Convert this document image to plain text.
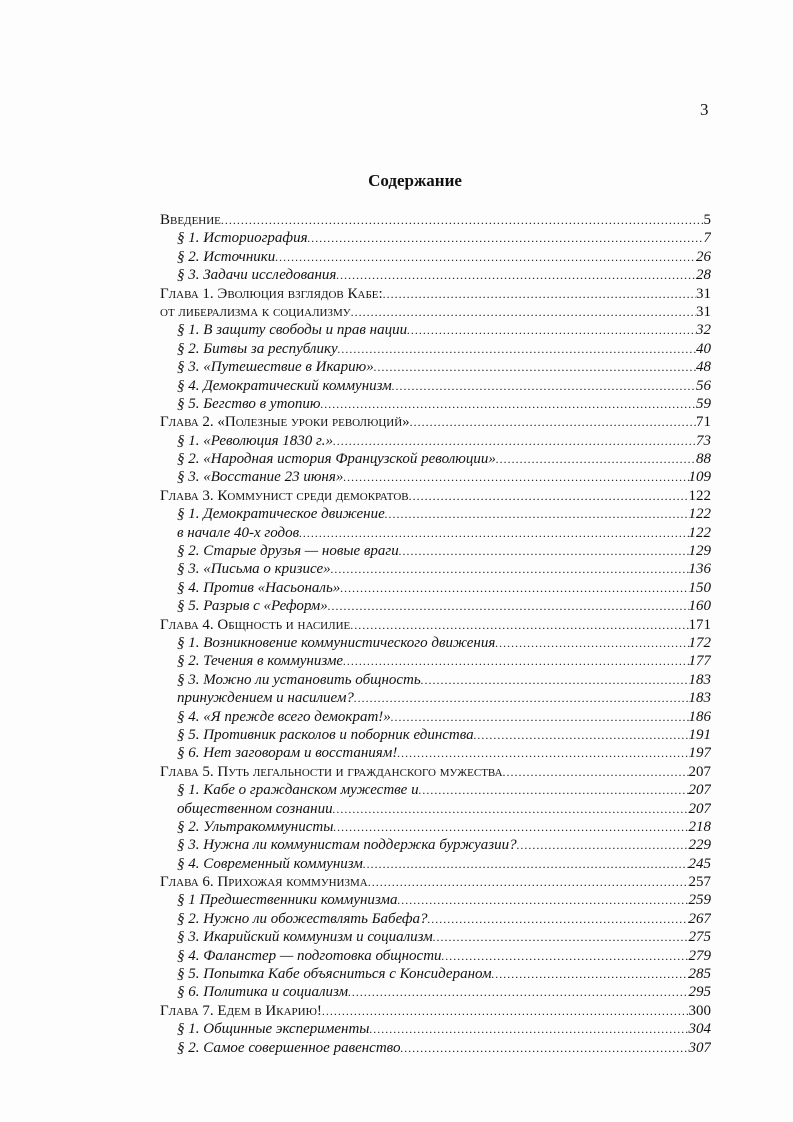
3
Содержание
Введение .....	5
§ 1. Историография .....	7
§ 2. Источники .....	26
§ 3. Задачи исследования .....	28
Глава 1. Эволюция взглядов Кабе: .....	31
от либерализма к социализму .....	31
§ 1. В защиту свободы и прав нации .....	32
§ 2. Битвы за республику .....	40
§ 3. «Путешествие в Икарию» .....	48
§ 4. Демократический коммунизм .....	56
§ 5. Бегство в утопию .....	59
Глава 2. «Полезные уроки революций» .....	71
§ 1. «Революция 1830 г.» .....	73
§ 2. «Народная история Французской революции» .....	88
§ 3. «Восстание 23 июня» .....	109
Глава 3. Коммунист среди демократов .....	122
§ 1. Демократическое движение .....	122
в начале 40-х годов .....	122
§ 2. Старые друзья — новые враги .....	129
§ 3. «Письма о кризисе» .....	136
§ 4. Против «Насьональ» .....	150
§ 5. Разрыв с «Реформ» .....	160
Глава 4. Общность и насилие .....	171
§ 1. Возникновение коммунистического движения .....	172
§ 2. Течения в коммунизме .....	177
§ 3. Можно ли установить общность .....	183
принуждением и насилием? .....	183
§ 4. «Я прежде всего демократ!» .....	186
§ 5. Противник расколов и поборник единства .....	191
§ 6. Нет заговорам и восстаниям! .....	197
Глава 5. Путь легальности и гражданского мужества .....	207
§ 1. Кабе о гражданском мужестве и .....	207
общественном сознании .....	207
§ 2. Ультракоммунисты .....	218
§ 3. Нужна ли коммунистам поддержка буржуазии? .....	229
§ 4. Современный коммунизм .....	245
Глава 6. Прихожая коммунизма .....	257
§ 1 Предшественники коммунизма .....	259
§ 2. Нужно ли обожествлять Бабефа? .....	267
§ 3. Икарийский коммунизм и социализм .....	275
§ 4. Фаланстер — подготовка общности .....	279
§ 5. Попытка Кабе объясниться с Консидераном .....	285
§ 6. Политика и социализм .....	295
Глава 7. Едем в Икарию! .....	300
§ 1. Общинные эксперименты .....	304
§ 2. Самое совершенное равенство .....	307
